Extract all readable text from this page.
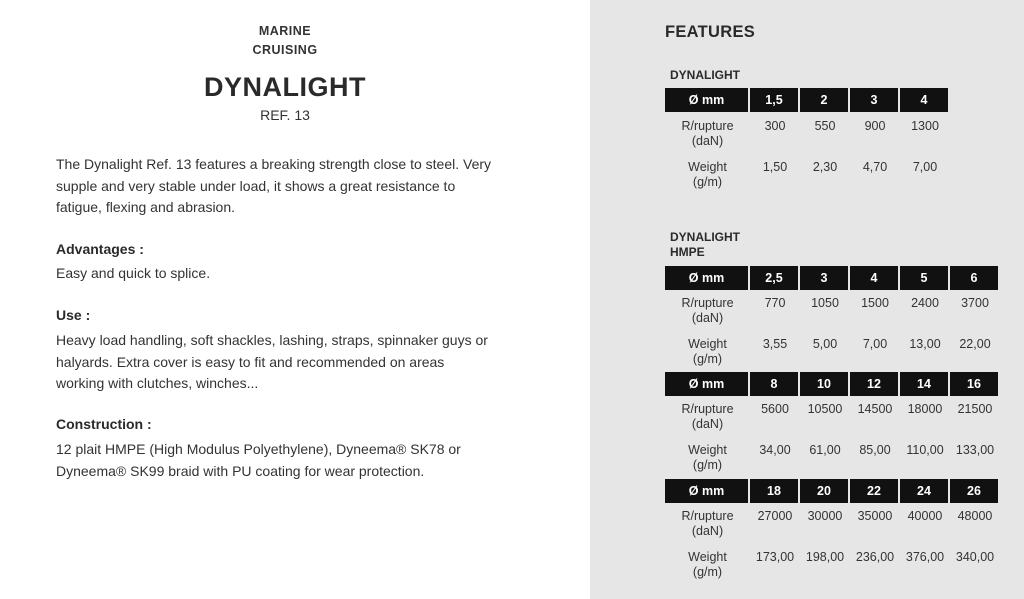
MARINE
CRUISING
DYNALIGHT
REF. 13
The Dynalight Ref. 13 features a breaking strength close to steel. Very
supple and very stable under load, it shows a great resistance to
fatigue, flexing and abrasion.
Advantages :
Easy and quick to splice.
Use :
Heavy load handling, soft shackles, lashing, straps, spinnaker guys or
halyards. Extra cover is easy to fit and recommended on areas
working with clutches, winches...
Construction :
12 plait HMPE (High Modulus Polyethylene), Dyneema® SK78 or
Dyneema® SK99 braid with PU coating for wear protection.
FEATURES
DYNALIGHT
Ø mm	1,5	2	3	4
R/rupture
(daN)
300	550	900	1300
Weight
(g/m)
1,50	2,30	4,70	7,00
DYNALIGHT
HMPE
Ø mm	2,5	3	4	5	6
R/rupture
(daN)
770	1050	1500	2400	3700
Weight
(g/m)
3,55	5,00	7,00	13,00	22,00
Ø mm	8	10	12	14	16
R/rupture
(daN)
5600	10500	14500	18000	21500
Weight
(g/m)
34,00	61,00	85,00	110,00 133,00
Ø mm	18	20	22	24	26
R/rupture
(daN)
27000	30000	35000	40000	48000
Weight
(g/m)
173,00 198,00 236,00 376,00 340,00
